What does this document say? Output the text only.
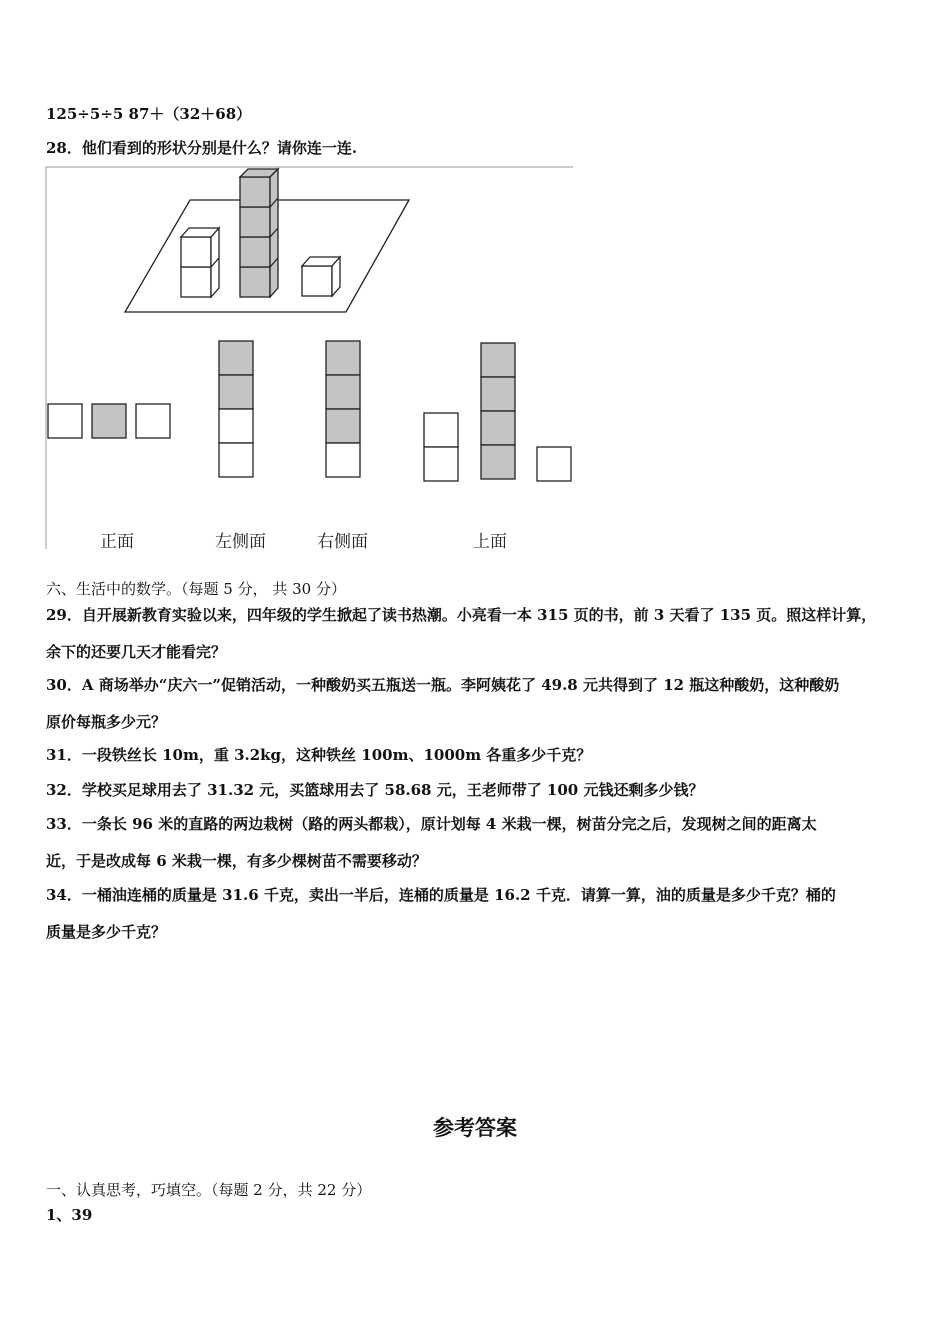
125÷5÷5 87＋（32＋68）
28．他们看到的形状分别是什么？请你连一连.
正面	左侧面	右侧面	上面
六、生活中的数学。（每题 5 分， 共 30 分）
29．自开展新教育实验以来，四年级的学生掀起了读书热潮。小亮看一本 315 页的书，前 3 天看了 135 页。照这样计算，
余下的还要几天才能看完？
30．A 商场举办“庆六一”促销活动，一种酸奶买五瓶送一瓶。李阿姨花了 49.8 元共得到了 12 瓶这种酸奶，这种酸奶
原价每瓶多少元？
31．一段铁丝长 10m，重 3.2kg，这种铁丝 100m、1000m 各重多少千克？
32．学校买足球用去了 31.32 元，买篮球用去了 58.68 元，王老师带了 100 元钱还剩多少钱？
33．一条长 96 米的直路的两边栽树（路的两头都栽），原计划每 4 米栽一棵，树苗分完之后，发现树之间的距离太
近，于是改成每 6 米栽一棵，有多少棵树苗不需要移动？
34．一桶油连桶的质量是 31.6 千克，卖出一半后，连桶的质量是 16.2 千克．请算一算，油的质量是多少千克？桶的
质量是多少千克？
参考答案
一、认真思考，巧填空。（每题 2 分，共 22 分）
1、39
